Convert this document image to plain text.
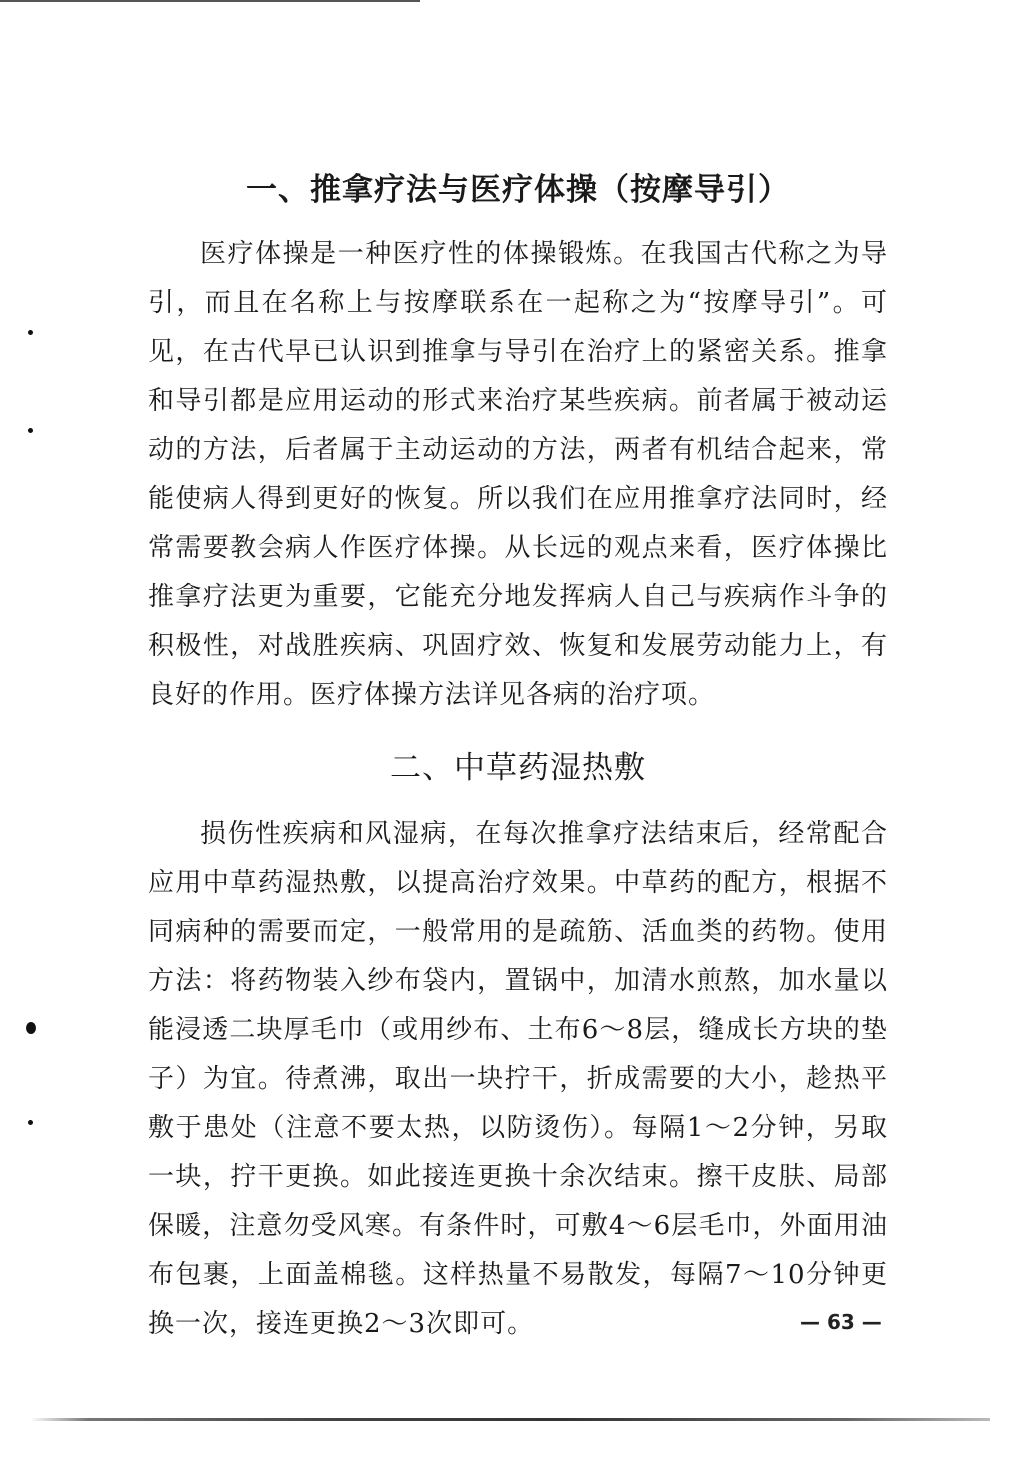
一、推拿疗法与医疗体操（按摩导引）

医疗体操是一种医疗性的体操锻炼。在我国古代称之为导引，而且在名称上与按摩联系在一起称之为“按摩导引”。可见，在古代早已认识到推拿与导引在治疗上的紧密关系。推拿和导引都是应用运动的形式来治疗某些疾病。前者属于被动运动的方法，后者属于主动运动的方法，两者有机结合起来，常能使病人得到更好的恢复。所以我们在应用推拿疗法同时，经常需要教会病人作医疗体操。从长远的观点来看，医疗体操比推拿疗法更为重要，它能充分地发挥病人自己与疾病作斗争的积极性，对战胜疾病、巩固疗效、恢复和发展劳动能力上，有良好的作用。医疗体操方法详见各病的治疗项。

二、中草药湿热敷

损伤性疾病和风湿病，在每次推拿疗法结束后，经常配合应用中草药湿热敷，以提高治疗效果。中草药的配方，根据不同病种的需要而定，一般常用的是疏筋、活血类的药物。使用方法：将药物装入纱布袋内，置锅中，加清水煎熬，加水量以能浸透二块厚毛巾（或用纱布、土布6～8层，缝成长方块的垫子）为宜。待煮沸，取出一块拧干，折成需要的大小，趁热平敷于患处（注意不要太热，以防烫伤）。每隔1～2分钟，另取一块，拧干更换。如此接连更换十余次结束。擦干皮肤、局部保暖，注意勿受风寒。有条件时，可敷4～6层毛巾，外面用油布包裹，上面盖棉毯。这样热量不易散发，每隔7～10分钟更换一次，接连更换2～3次即可。	— 63 —
